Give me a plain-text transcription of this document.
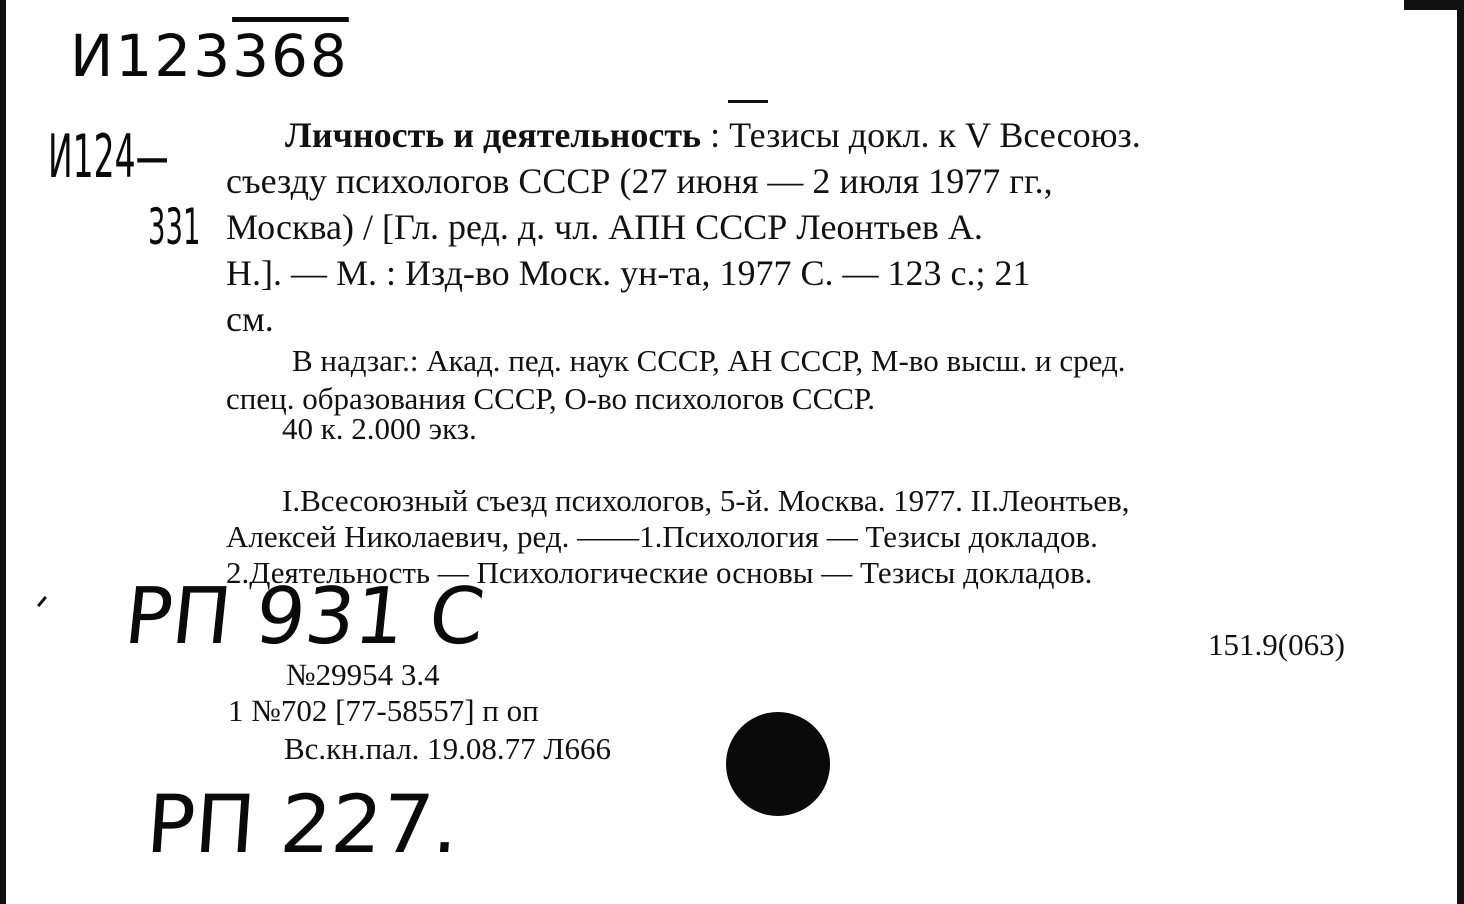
И123368
И124—
331
Личность и деятельность : Тезисы докл. к V Всесоюз.
съезду психологов СССР (27 июня — 2 июля 1977 гг.,
Москва) / [Гл. ред. д. чл. АПН СССР Леонтьев А.
Н.]. — М. : Изд-во Моск. ун-та, 1977 С. — 123 с.; 21
см.
В надзаг.: Акад. пед. наук СССР, АН СССР, М-во высш. и сред.
спец. образования СССР, О-во психологов СССР.
40 к. 2.000 экз.
I.Всесоюзный съезд психологов, 5-й. Москва. 1977. II.Леонтьев,
Алексей Николаевич, ред. ——1.Психология — Тезисы докладов.
2.Деятельность — Психологические основы — Тезисы докладов.
РП 931 С	151.9(063)
№29954 3.4
1 №702 [77-58557] п оп
Вс.кн.пал. 19.08.77 Л666
РП 227.
